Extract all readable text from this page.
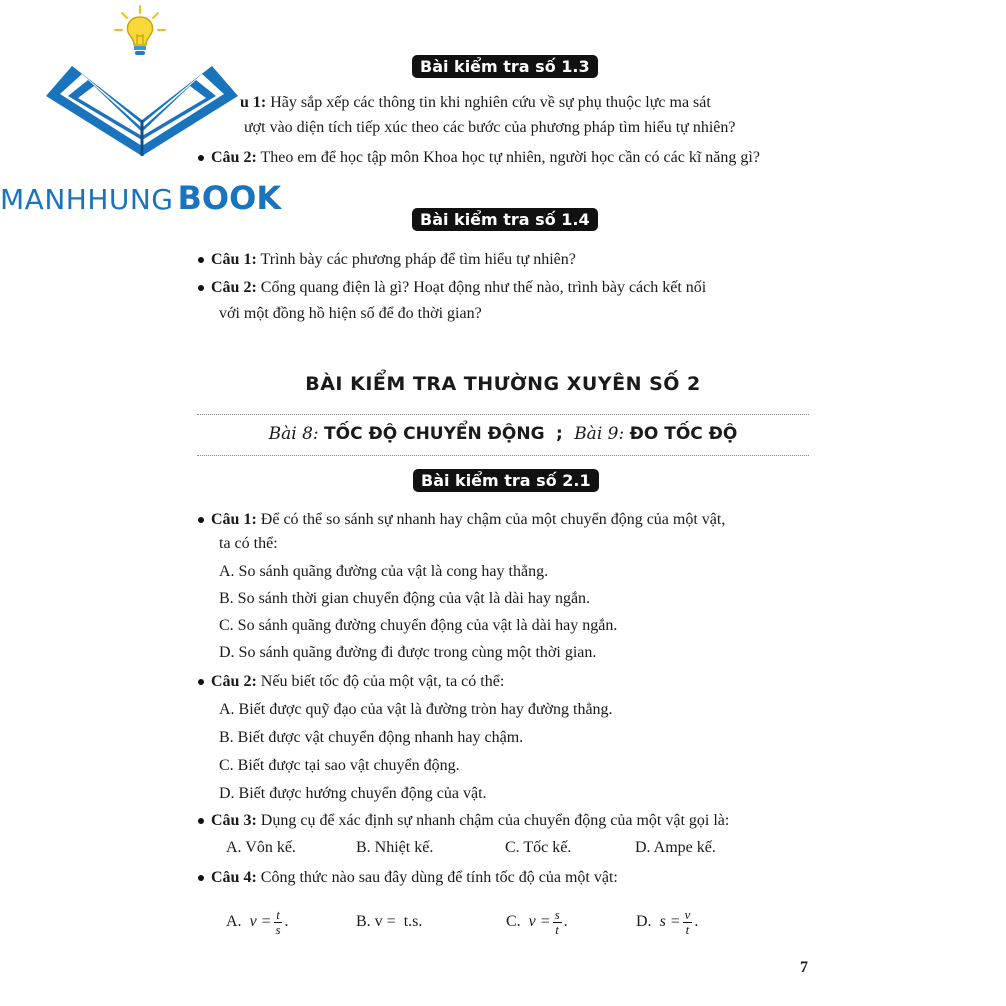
MANHHUNG BOOK
Bài kiểm tra số 1.3
u 1: Hãy sắp xếp các thông tin khi nghiên cứu về sự phụ thuộc lực ma sát
ượt vào diện tích tiếp xúc theo các bước của phương pháp tìm hiểu tự nhiên?
Câu 2: Theo em để học tập môn Khoa học tự nhiên, người học cần có các kĩ năng gì?
Bài kiểm tra số 1.4
Câu 1: Trình bày các phương pháp để tìm hiểu tự nhiên?
Câu 2: Cổng quang điện là gì? Hoạt động như thế nào, trình bày cách kết nối
với một đồng hồ hiện số để đo thời gian?
BÀI KIỂM TRA THƯỜNG XUYÊN SỐ 2
Bài 8: TỐC ĐỘ CHUYỂN ĐỘNG ; Bài 9: ĐO TỐC ĐỘ
Bài kiểm tra số 2.1
Câu 1: Để có thể so sánh sự nhanh hay chậm của một chuyển động của một vật,
ta có thể:
A. So sánh quãng đường của vật là cong hay thẳng.
B. So sánh thời gian chuyển động của vật là dài hay ngắn.
C. So sánh quãng đường chuyển động của vật là dài hay ngắn.
D. So sánh quãng đường đi được trong cùng một thời gian.
Câu 2: Nếu biết tốc độ của một vật, ta có thể:
A. Biết được quỹ đạo của vật là đường tròn hay đường thẳng.
B. Biết được vật chuyển động nhanh hay chậm.
C. Biết được tại sao vật chuyển động.
D. Biết được hướng chuyển động của vật.
Câu 3: Dụng cụ để xác định sự nhanh chậm của chuyển động của một vật gọi là:
A. Vôn kế.	B. Nhiệt kế.	C. Tốc kế.	D. Ampe kế.
Câu 4: Công thức nào sau đây dùng để tính tốc độ của một vật:
A. $v = \frac{t}{s}$ .	B. v =  t.s.	C. $v = \frac{s}{t}$ .	D. $s = \frac{v}{t}$ .
7
